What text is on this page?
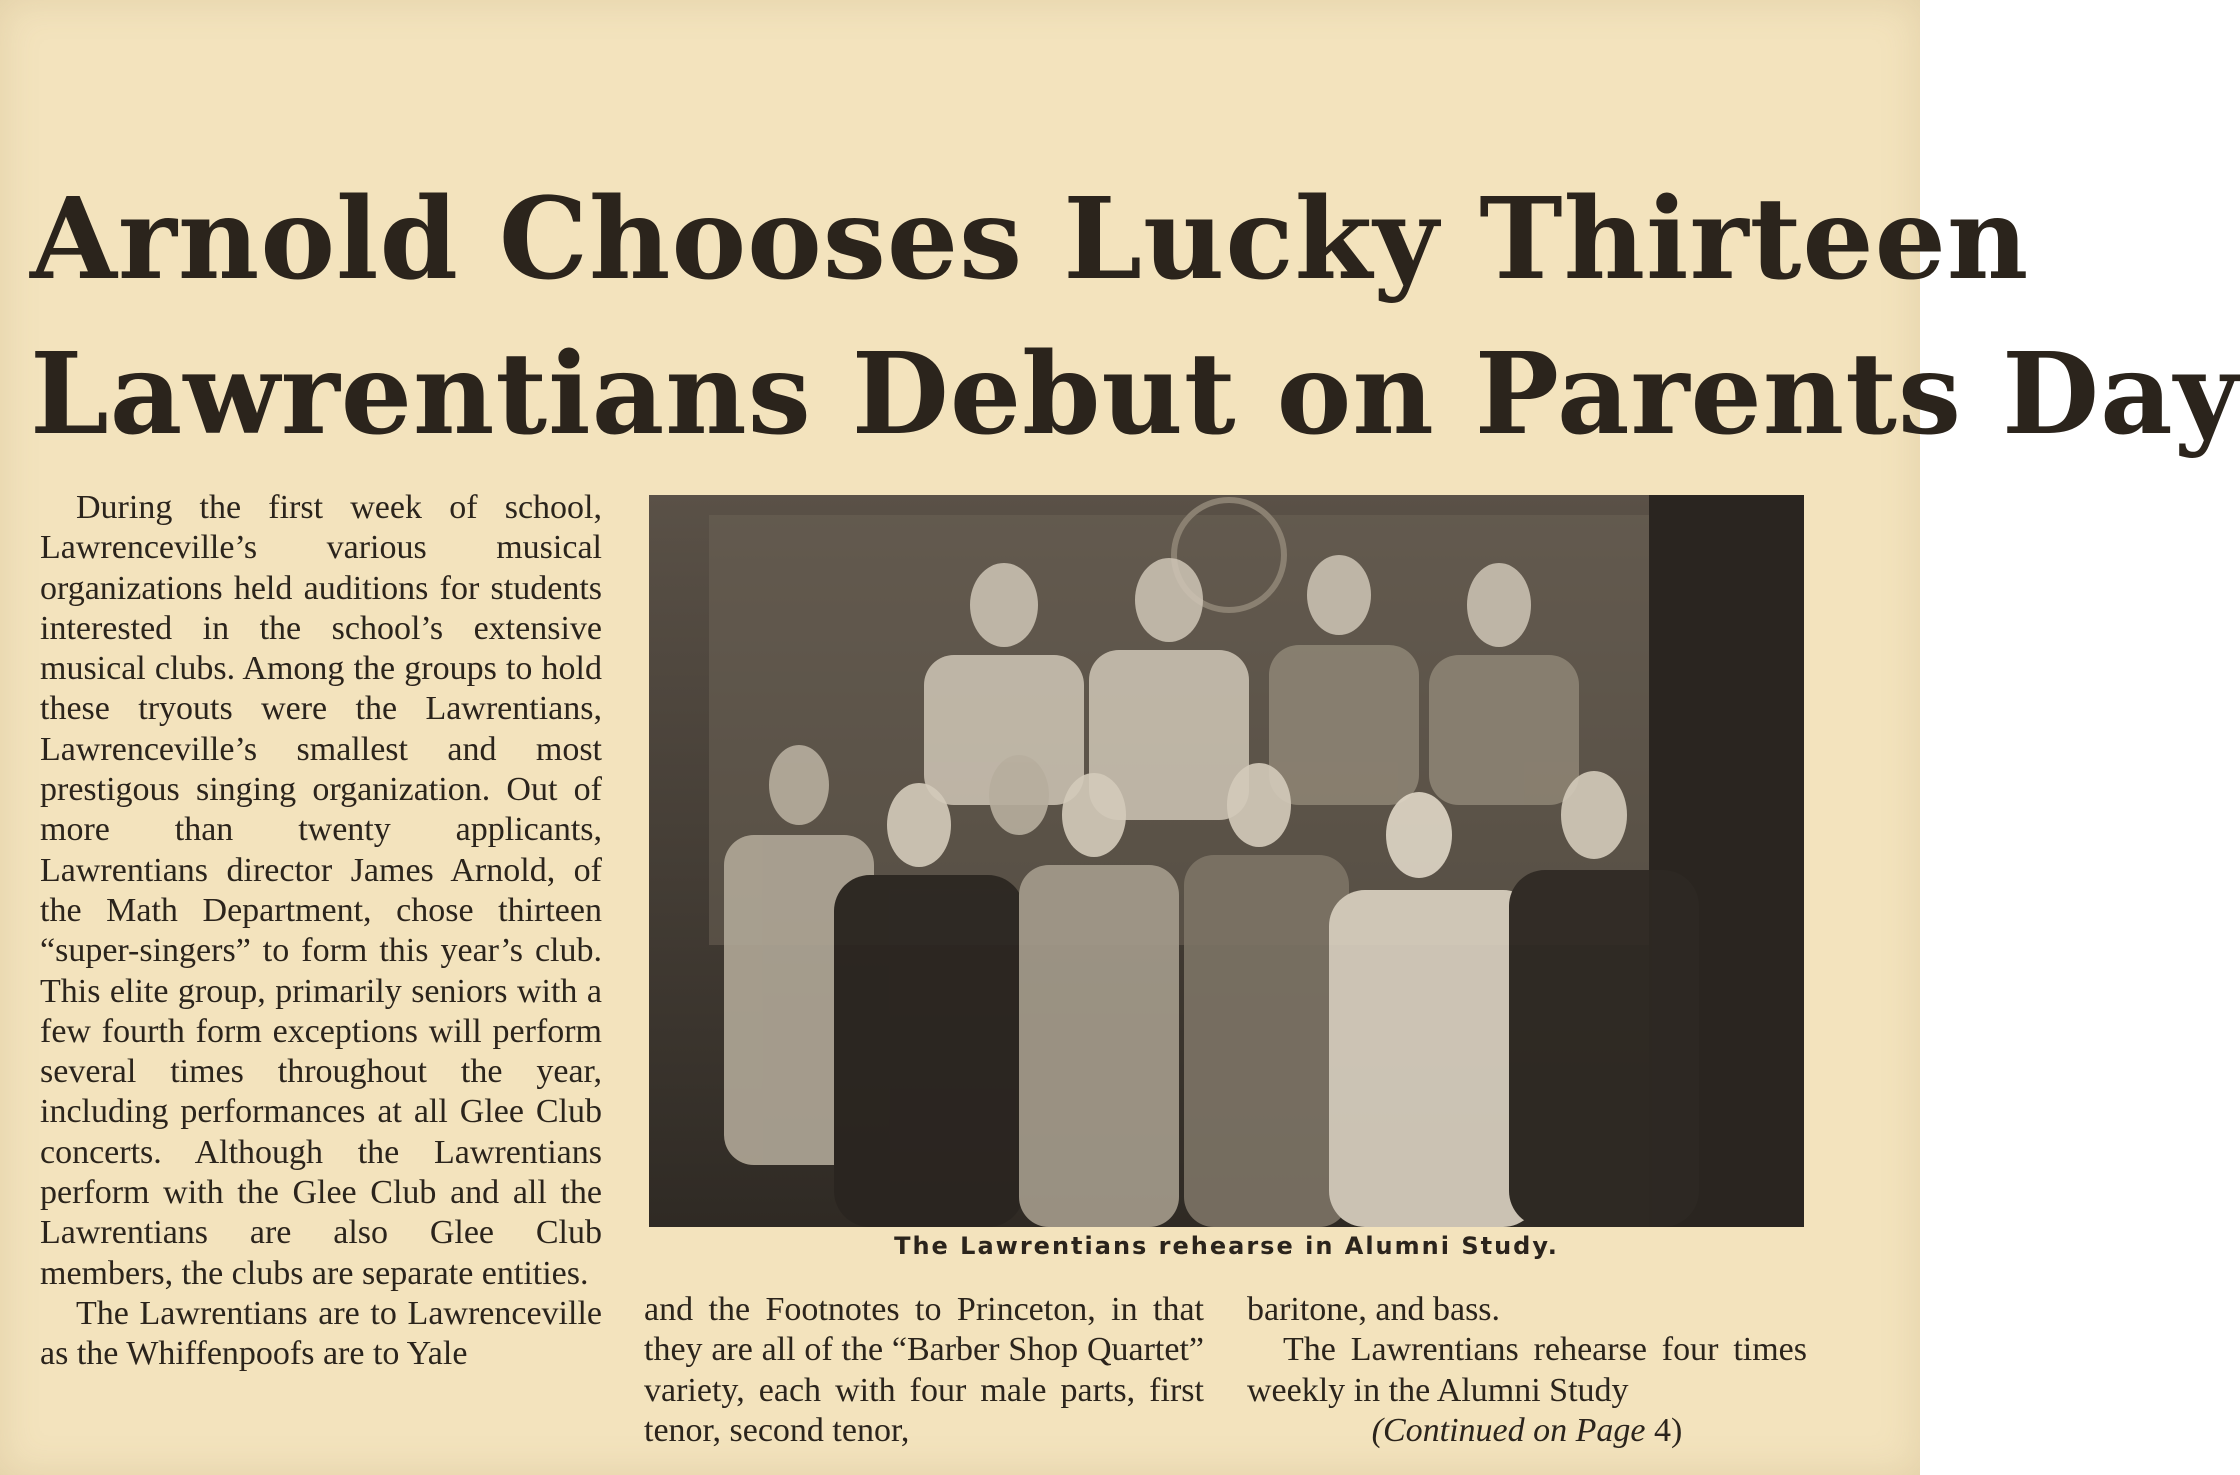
Arnold Chooses Lucky Thirteen
Lawrentians Debut on Parents Day

During the first week of school, Lawrenceville’s various musical organizations held auditions for students interested in the school’s extensive musical clubs. Among the groups to hold these tryouts were the Lawrentians, Lawrenceville’s smallest and most prestigous singing organization. Out of more than twenty applicants, Lawrentians director James Arnold, of the Math Department, chose thirteen “super-singers” to form this year’s club. This elite group, primarily seniors with a few fourth form exceptions will perform several times throughout the year, including performances at all Glee Club concerts. Although the Lawrentians perform with the Glee Club and all the Lawrentians are also Glee Club members, the clubs are separate entities.

The Lawrentians are to Lawrenceville as the Whiffenpoofs are to Yale

The Lawrentians rehearse in Alumni Study.

and the Footnotes to Princeton, in that they are all of the “Barber Shop Quartet” variety, each with four male parts, first tenor, second tenor,

baritone, and bass.

The Lawrentians rehearse four times weekly in the Alumni Study

(Continued on Page 4)
